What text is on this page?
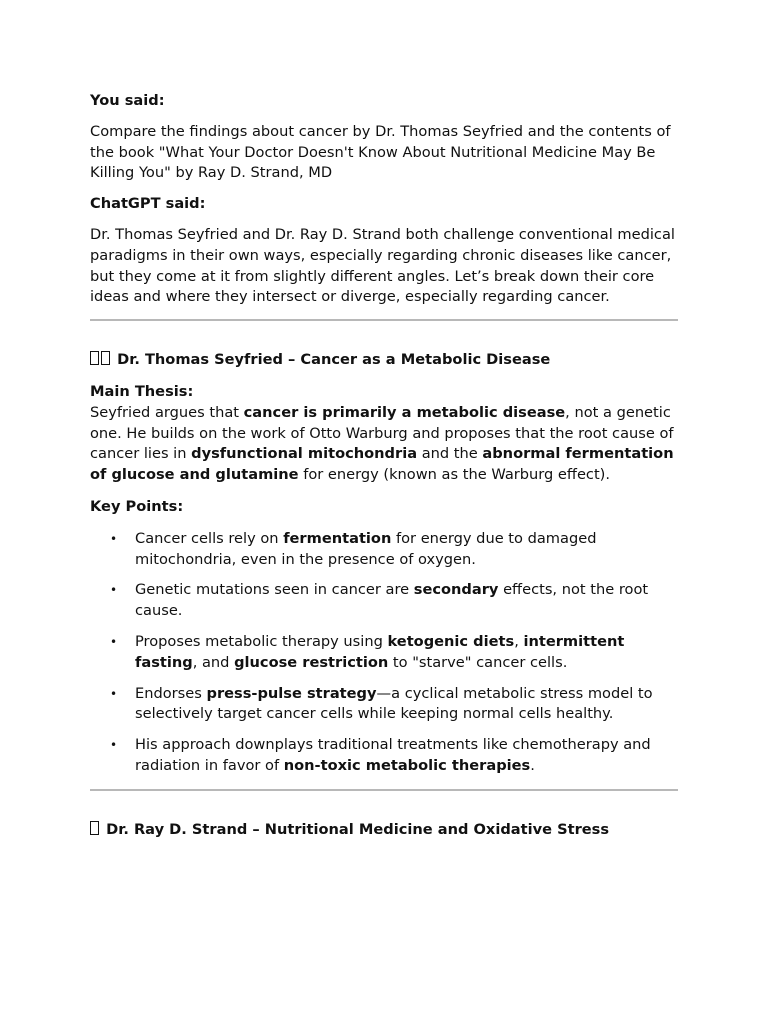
You said:

Compare the findings about cancer by Dr. Thomas Seyfried and the contents of the book "What Your Doctor Doesn't Know About Nutritional Medicine May Be Killing You" by Ray D. Strand, MD

ChatGPT said:

Dr. Thomas Seyfried and Dr. Ray D. Strand both challenge conventional medical paradigms in their own ways, especially regarding chronic diseases like cancer, but they come at it from slightly different angles. Let’s break down their core ideas and where they intersect or diverge, especially regarding cancer.

Dr. Thomas Seyfried – Cancer as a Metabolic Disease

Main Thesis:

Seyfried argues that cancer is primarily a metabolic disease, not a genetic one. He builds on the work of Otto Warburg and proposes that the root cause of cancer lies in dysfunctional mitochondria and the abnormal fermentation of glucose and glutamine for energy (known as the Warburg effect).

Key Points:

• Cancer cells rely on fermentation for energy due to damaged mitochondria, even in the presence of oxygen.
• Genetic mutations seen in cancer are secondary effects, not the root cause.
• Proposes metabolic therapy using ketogenic diets, intermittent fasting, and glucose restriction to "starve" cancer cells.
• Endorses press-pulse strategy—a cyclical metabolic stress model to selectively target cancer cells while keeping normal cells healthy.
• His approach downplays traditional treatments like chemotherapy and radiation in favor of non-toxic metabolic therapies.

Dr. Ray D. Strand – Nutritional Medicine and Oxidative Stress
